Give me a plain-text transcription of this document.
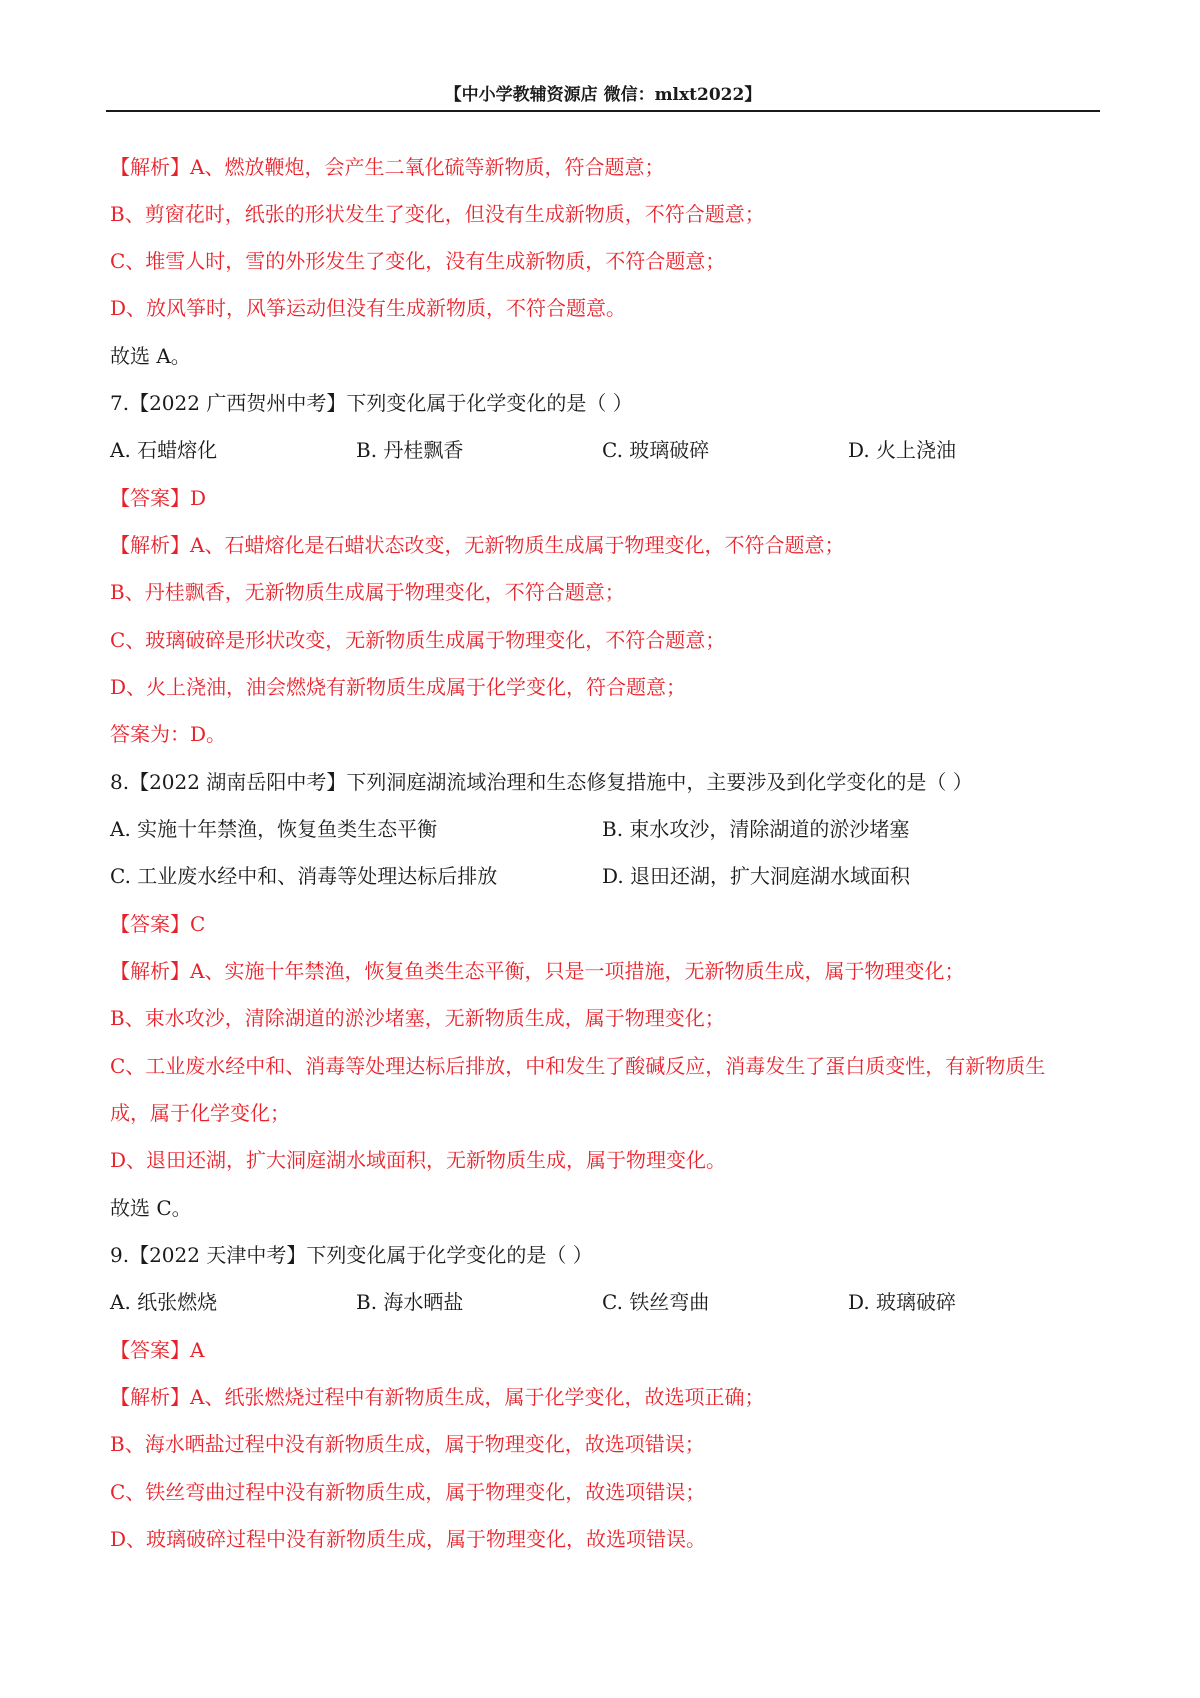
【中小学教辅资源店 微信：mlxt2022】
【解析】A、燃放鞭炮，会产生二氧化硫等新物质，符合题意；
B、剪窗花时，纸张的形状发生了变化，但没有生成新物质，不符合题意；
C、堆雪人时，雪的外形发生了变化，没有生成新物质，不符合题意；
D、放风筝时，风筝运动但没有生成新物质，不符合题意。
故选 A。
7.【2022 广西贺州中考】下列变化属于化学变化的是（ ）
A. 石蜡熔化	B. 丹桂飘香	C. 玻璃破碎	D. 火上浇油
【答案】D
【解析】A、石蜡熔化是石蜡状态改变，无新物质生成属于物理变化，不符合题意；
B、丹桂飘香，无新物质生成属于物理变化，不符合题意；
C、玻璃破碎是形状改变，无新物质生成属于物理变化，不符合题意；
D、火上浇油，油会燃烧有新物质生成属于化学变化，符合题意；
答案为：D。
8.【2022 湖南岳阳中考】下列洞庭湖流域治理和生态修复措施中，主要涉及到化学变化的是（ ）
A. 实施十年禁渔，恢复鱼类生态平衡	B. 束水攻沙，清除湖道的淤沙堵塞
C. 工业废水经中和、消毒等处理达标后排放	D. 退田还湖，扩大洞庭湖水域面积
【答案】C
【解析】A、实施十年禁渔，恢复鱼类生态平衡，只是一项措施，无新物质生成，属于物理变化；
B、束水攻沙，清除湖道的淤沙堵塞，无新物质生成，属于物理变化；
C、工业废水经中和、消毒等处理达标后排放，中和发生了酸碱反应，消毒发生了蛋白质变性，有新物质生
成，属于化学变化；
D、退田还湖，扩大洞庭湖水域面积，无新物质生成，属于物理变化。
故选 C。
9.【2022 天津中考】下列变化属于化学变化的是（ ）
A. 纸张燃烧	B. 海水晒盐	C. 铁丝弯曲	D. 玻璃破碎
【答案】A
【解析】A、纸张燃烧过程中有新物质生成，属于化学变化，故选项正确；
B、海水晒盐过程中没有新物质生成，属于物理变化，故选项错误；
C、铁丝弯曲过程中没有新物质生成，属于物理变化，故选项错误；
D、玻璃破碎过程中没有新物质生成，属于物理变化，故选项错误。
